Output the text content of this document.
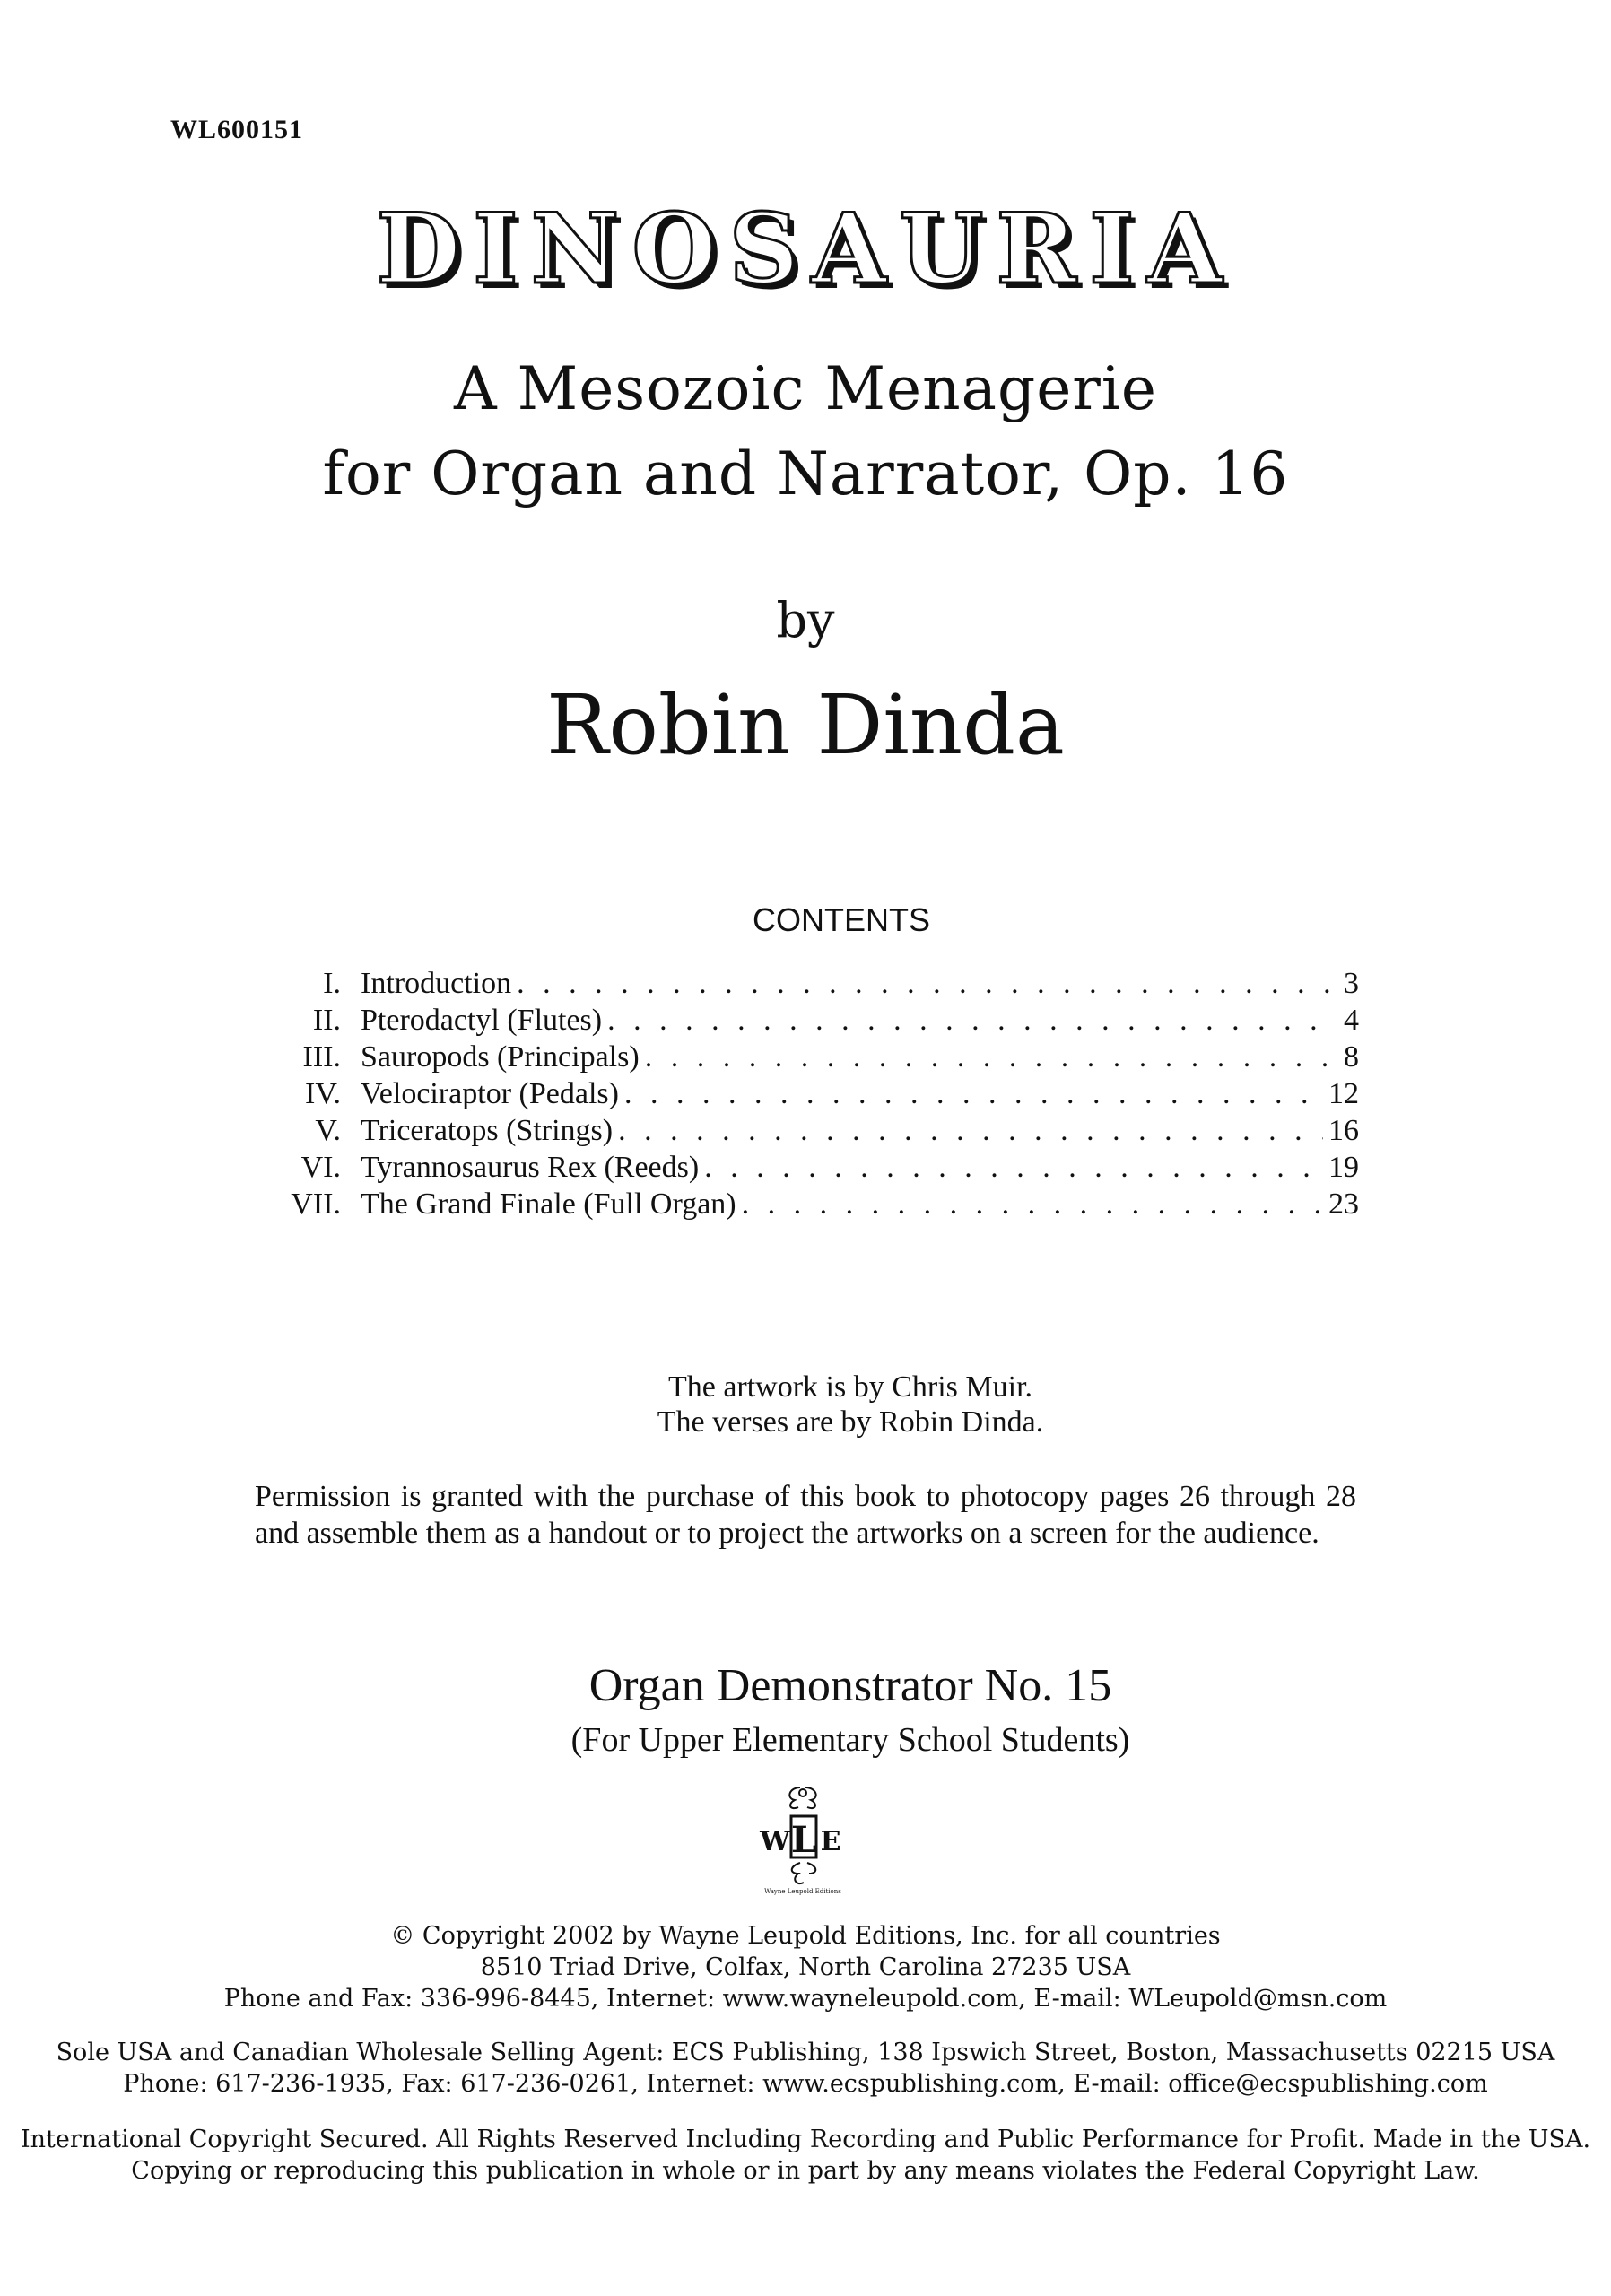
WL600151
DINOSAURIA
A Mesozoic Menagerie
for Organ and Narrator, Op. 16
by
Robin Dinda
CONTENTS
I. Introduction . . .	3
II. Pterodactyl (Flutes) . . .	4
III. Sauropods (Principals) . . .	8
IV. Velociraptor (Pedals) . . .	12
V. Triceratops (Strings) . . .	16
VI. Tyrannosaurus Rex (Reeds) . . .	19
VII. The Grand Finale (Full Organ) . . .	23
The artwork is by Chris Muir.
The verses are by Robin Dinda.
Permission is granted with the purchase of this book to photocopy pages 26 through 28 and assemble them as a handout or to project the artworks on a screen for the audience.
Organ Demonstrator No. 15
(For Upper Elementary School Students)
L
W E
Wayne Leupold Editions
© Copyright 2002 by Wayne Leupold Editions, Inc. for all countries
8510 Triad Drive, Colfax, North Carolina 27235 USA
Phone and Fax: 336-996-8445, Internet: www.wayneleupold.com, E-mail: WLeupold@msn.com
Sole USA and Canadian Wholesale Selling Agent: ECS Publishing, 138 Ipswich Street, Boston, Massachusetts 02215 USA
Phone: 617-236-1935, Fax: 617-236-0261, Internet: www.ecspublishing.com, E-mail: office@ecspublishing.com
International Copyright Secured. All Rights Reserved Including Recording and Public Performance for Profit. Made in the USA.
Copying or reproducing this publication in whole or in part by any means violates the Federal Copyright Law.
